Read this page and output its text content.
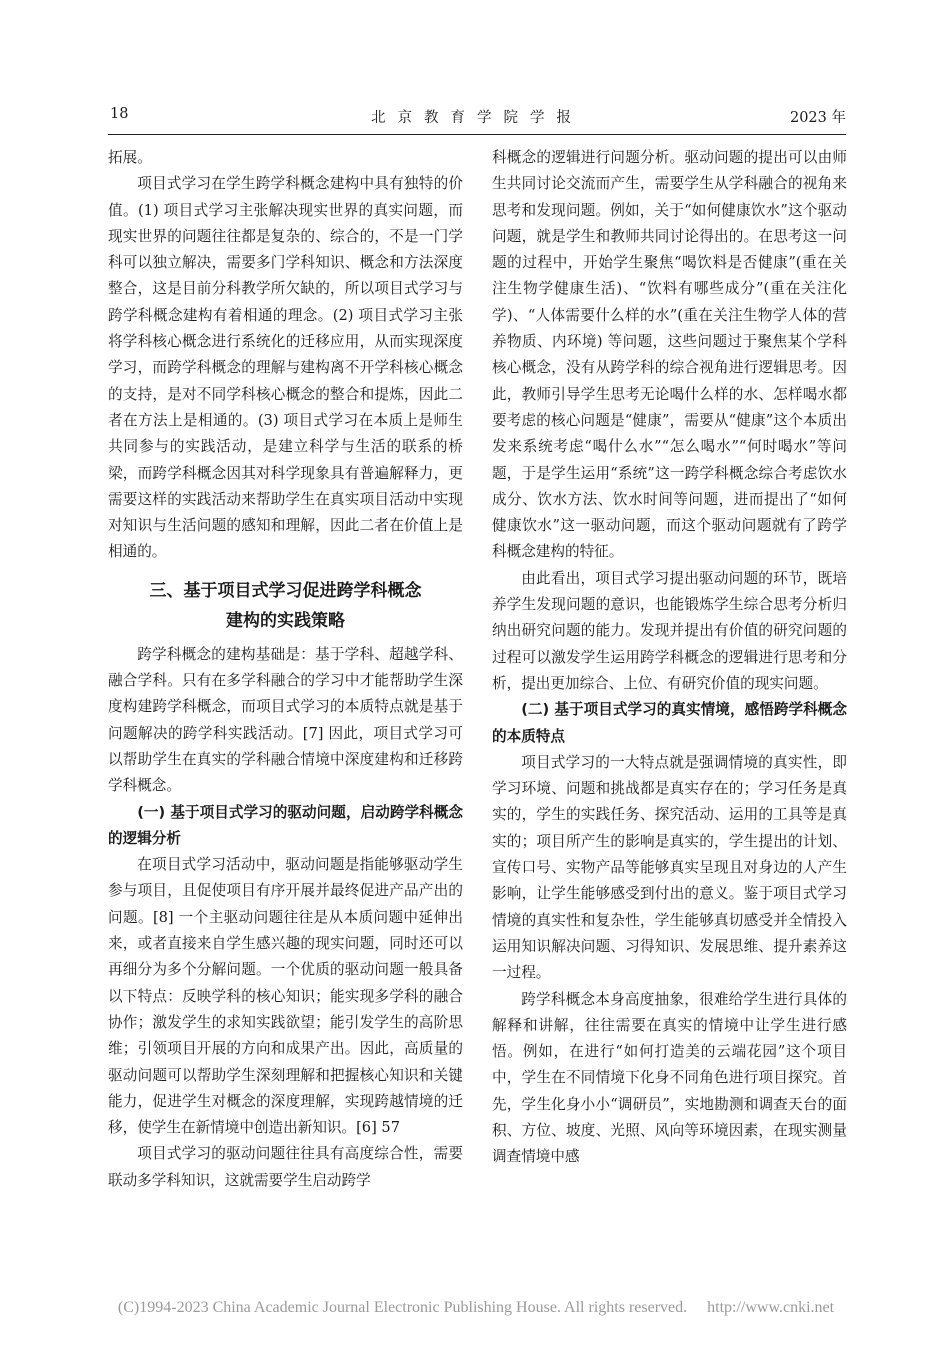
18	北京教育学院学报	2023 年

拓展。

项目式学习在学生跨学科概念建构中具有独特的价值。(1) 项目式学习主张解决现实世界的真实问题，而现实世界的问题往往都是复杂的、综合的，不是一门学科可以独立解决，需要多门学科知识、概念和方法深度整合，这是目前分科教学所欠缺的，所以项目式学习与跨学科概念建构有着相通的理念。(2) 项目式学习主张将学科核心概念进行系统化的迁移应用，从而实现深度学习，而跨学科概念的理解与建构离不开学科核心概念的支持，是对不同学科核心概念的整合和提炼，因此二者在方法上是相通的。(3) 项目式学习在本质上是师生共同参与的实践活动，是建立科学与生活的联系的桥梁，而跨学科概念因其对科学现象具有普遍解释力，更需要这样的实践活动来帮助学生在真实项目活动中实现对知识与生活问题的感知和理解，因此二者在价值上是相通的。

三、基于项目式学习促进跨学科概念
建构的实践策略

跨学科概念的建构基础是：基于学科、超越学科、融合学科。只有在多学科融合的学习中才能帮助学生深度构建跨学科概念，而项目式学习的本质特点就是基于问题解决的跨学科实践活动。[7] 因此，项目式学习可以帮助学生在真实的学科融合情境中深度建构和迁移跨学科概念。

(一) 基于项目式学习的驱动问题，启动跨学科概念的逻辑分析

在项目式学习活动中，驱动问题是指能够驱动学生参与项目，且促使项目有序开展并最终促进产品产出的问题。[8] 一个主驱动问题往往是从本质问题中延伸出来，或者直接来自学生感兴趣的现实问题，同时还可以再细分为多个分解问题。一个优质的驱动问题一般具备以下特点：反映学科的核心知识；能实现多学科的融合协作；激发学生的求知实践欲望；能引发学生的高阶思维；引领项目开展的方向和成果产出。因此，高质量的驱动问题可以帮助学生深刻理解和把握核心知识和关键能力，促进学生对概念的深度理解，实现跨越情境的迁移，使学生在新情境中创造出新知识。[6] 57

项目式学习的驱动问题往往具有高度综合性，需要联动多学科知识，这就需要学生启动跨学

科概念的逻辑进行问题分析。驱动问题的提出可以由师生共同讨论交流而产生，需要学生从学科融合的视角来思考和发现问题。例如，关于“如何健康饮水”这个驱动问题，就是学生和教师共同讨论得出的。在思考这一问题的过程中，开始学生聚焦“喝饮料是否健康”(重在关注生物学健康生活)、“饮料有哪些成分”(重在关注化学)、“人体需要什么样的水”(重在关注生物学人体的营养物质、内环境) 等问题，这些问题过于聚焦某个学科核心概念，没有从跨学科的综合视角进行逻辑思考。因此，教师引导学生思考无论喝什么样的水、怎样喝水都要考虑的核心问题是“健康”，需要从“健康”这个本质出发来系统考虑“喝什么水”“怎么喝水”“何时喝水”等问题，于是学生运用“系统”这一跨学科概念综合考虑饮水成分、饮水方法、饮水时间等问题，进而提出了“如何健康饮水”这一驱动问题，而这个驱动问题就有了跨学科概念建构的特征。

由此看出，项目式学习提出驱动问题的环节，既培养学生发现问题的意识，也能锻炼学生综合思考分析归纳出研究问题的能力。发现并提出有价值的研究问题的过程可以激发学生运用跨学科概念的逻辑进行思考和分析，提出更加综合、上位、有研究价值的现实问题。

(二) 基于项目式学习的真实情境，感悟跨学科概念的本质特点

项目式学习的一大特点就是强调情境的真实性，即学习环境、问题和挑战都是真实存在的；学习任务是真实的，学生的实践任务、探究活动、运用的工具等是真实的；项目所产生的影响是真实的，学生提出的计划、宣传口号、实物产品等能够真实呈现且对身边的人产生影响，让学生能够感受到付出的意义。鉴于项目式学习情境的真实性和复杂性，学生能够真切感受并全情投入运用知识解决问题、习得知识、发展思维、提升素养这一过程。

跨学科概念本身高度抽象，很难给学生进行具体的解释和讲解，往往需要在真实的情境中让学生进行感悟。例如，在进行“如何打造美的云端花园”这个项目中，学生在不同情境下化身不同角色进行项目探究。首先，学生化身小小“调研员”，实地勘测和调查天台的面积、方位、坡度、光照、风向等环境因素，在现实测量调查情境中感

(C)1994-2023 China Academic Journal Electronic Publishing House. All rights reserved. http://www.cnki.net
